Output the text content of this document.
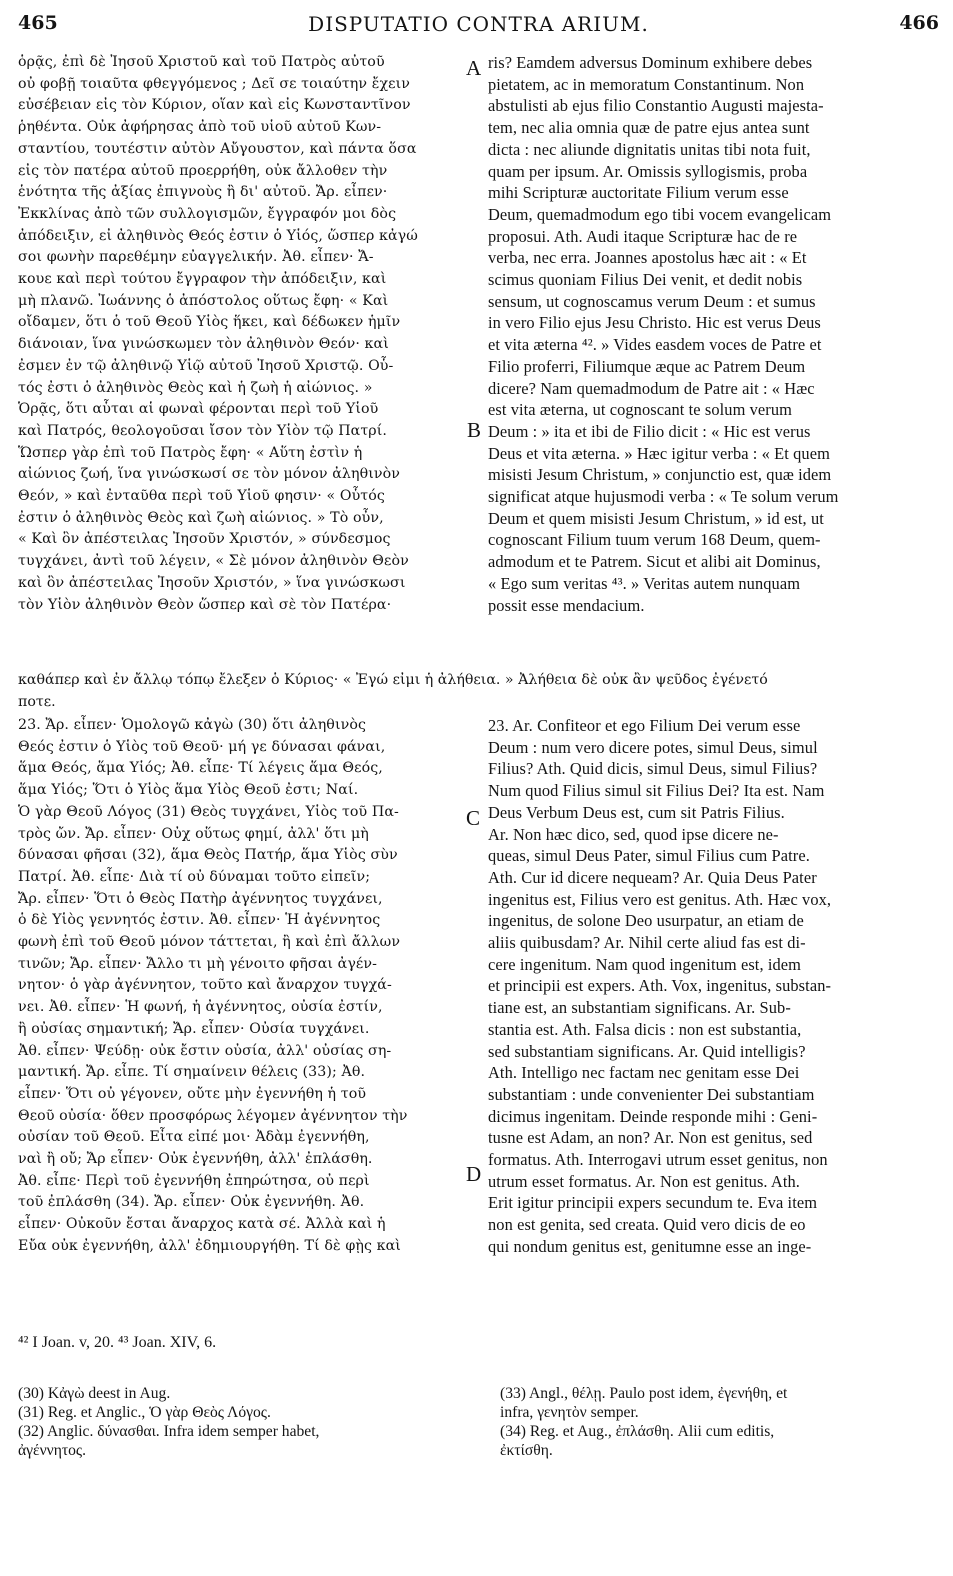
465	DISPUTATIO CONTRA ARIUM.	466
ὁρᾷς, ἐπὶ δὲ Ἰησοῦ Χριστοῦ καὶ τοῦ Πατρὸς αὐτοῦ
οὐ φοβῇ τοιαῦτα φθεγγόμενος ; Δεῖ σε τοιαύτην ἔχειν
εὐσέβειαν εἰς τὸν Κύριον, οἵαν καὶ εἰς Κωνσταντῖνον
ῥηθέντα. Οὐκ ἀφήρησας ἀπὸ τοῦ υἱοῦ αὐτοῦ Κων-
σταντίου, τουτέστιν αὐτὸν Αὔγουστον, καὶ πάντα ὅσα
εἰς τὸν πατέρα αὐτοῦ προερρήθη, οὐκ ἄλλοθεν τὴν
ἑνότητα τῆς ἀξίας ἐπιγνοὺς ἢ δι' αὐτοῦ. Ἄρ. εἶπεν·
Ἐκκλίνας ἀπὸ τῶν συλλογισμῶν, ἔγγραφόν μοι δὸς
ἀπόδειξιν, εἰ ἀληθινὸς Θεός ἐστιν ὁ Υἱός, ὥσπερ κἀγώ
σοι φωνὴν παρεθέμην εὐαγγελικήν. Ἀθ. εἶπεν· Ἄ-
κουε καὶ περὶ τούτου ἔγγραφον τὴν ἀπόδειξιν, καὶ
μὴ πλανῶ. Ἰωάννης ὁ ἀπόστολος οὕτως ἔφη· « Καὶ
οἴδαμεν, ὅτι ὁ τοῦ Θεοῦ Υἱὸς ἥκει, καὶ δέδωκεν ἡμῖν
διάνοιαν, ἵνα γινώσκωμεν τὸν ἀληθινὸν Θεόν· καὶ
ἐσμεν ἐν τῷ ἀληθινῷ Υἱῷ αὐτοῦ Ἰησοῦ Χριστῷ. Οὗ-
τός ἐστι ὁ ἀληθινὸς Θεὸς καὶ ἡ ζωὴ ἡ αἰώνιος. »
Ὁρᾷς, ὅτι αὗται αἱ φωναὶ φέρονται περὶ τοῦ Υἱοῦ
καὶ Πατρός, θεολογοῦσαι ἴσον τὸν Υἱὸν τῷ Πατρί.
Ὥσπερ γὰρ ἐπὶ τοῦ Πατρὸς ἔφη· « Αὕτη ἐστὶν ἡ
αἰώνιος ζωή, ἵνα γινώσκωσί σε τὸν μόνον ἀληθινὸν
Θεόν, » καὶ ἐνταῦθα περὶ τοῦ Υἱοῦ φησιν· « Οὗτός
ἐστιν ὁ ἀληθινὸς Θεὸς καὶ ζωὴ αἰώνιος. » Τὸ οὖν,
« Καὶ ὃν ἀπέστειλας Ἰησοῦν Χριστόν, » σύνδεσμος
τυγχάνει, ἀντὶ τοῦ λέγειν, « Σὲ μόνον ἀληθινὸν Θεὸν
καὶ ὃν ἀπέστειλας Ἰησοῦν Χριστόν, » ἵνα γινώσκωσι
τὸν Υἱὸν ἀληθινὸν Θεὸν ὥσπερ καὶ σὲ τὸν Πατέρα·
ris? Eamdem adversus Dominum exhibere debes
pietatem, ac in memoratum Constantinum. Non
abstulisti ab ejus filio Constantio Augusti majesta-
tem, nec alia omnia quæ de patre ejus antea sunt
dicta : nec aliunde dignitatis unitas tibi nota fuit,
quam per ipsum. Ar. Omissis syllogismis, proba
mihi Scripturæ auctoritate Filium verum esse
Deum, quemadmodum ego tibi vocem evangelicam
proposui. Ath. Audi itaque Scripturæ hac de re
verba, nec erra. Joannes apostolus hæc ait : « Et
scimus quoniam Filius Dei venit, et dedit nobis
sensum, ut cognoscamus verum Deum : et sumus
in vero Filio ejus Jesu Christo. Hic est verus Deus
et vita æterna ⁴². » Vides easdem voces de Patre et
Filio proferri, Filiumque æque ac Patrem Deum
dicere? Nam quemadmodum de Patre ait : « Hæc
est vita æterna, ut cognoscant te solum verum
Deum : » ita et ibi de Filio dicit : « Hic est verus
Deus et vita æterna. » Hæc igitur verba : « Et quem
misisti Jesum Christum, » conjunctio est, quæ idem
significat atque hujusmodi verba : « Te solum verum
Deum et quem misisti Jesum Christum, » id est, ut
cognoscant Filium tuum verum 168 Deum, quem-
admodum et te Patrem. Sicut et alibi ait Dominus,
« Ego sum veritas ⁴³. » Veritas autem nunquam
possit esse mendacium.
καθάπερ καὶ ἐν ἄλλῳ τόπῳ ἔλεξεν ὁ Κύριος· « Ἐγώ εἰμι ἡ ἀλήθεια. » Ἀλήθεια δὲ οὐκ ἂν ψεῦδος ἐγένετό
ποτε.
23. Ἄρ. εἶπεν· Ὁμολογῶ κἀγὼ (30) ὅτι ἀληθινὸς
Θεός ἐστιν ὁ Υἱὸς τοῦ Θεοῦ· μή γε δύνασαι φάναι,
ἅμα Θεός, ἅμα Υἱός; Ἀθ. εἶπε· Τί λέγεις ἅμα Θεός,
ἅμα Υἱός; Ὅτι ὁ Υἱὸς ἅμα Υἱὸς Θεοῦ ἐστι; Ναί.
Ὁ γὰρ Θεοῦ Λόγος (31) Θεὸς τυγχάνει, Υἱὸς τοῦ Πα-
τρὸς ὤν. Ἄρ. εἶπεν· Οὐχ οὕτως φημί, ἀλλ' ὅτι μὴ
δύνασαι φῆσαι (32), ἅμα Θεὸς Πατήρ, ἅμα Υἱὸς σὺν
Πατρί. Ἀθ. εἶπε· Διὰ τί οὐ δύναμαι τοῦτο εἰπεῖν;
Ἄρ. εἶπεν· Ὅτι ὁ Θεὸς Πατὴρ ἀγέννητος τυγχάνει,
ὁ δὲ Υἱὸς γεννητός ἐστιν. Ἀθ. εἶπεν· Ἡ ἀγέννητος
φωνὴ ἐπὶ τοῦ Θεοῦ μόνον τάττεται, ἢ καὶ ἐπὶ ἄλλων
τινῶν; Ἄρ. εἶπεν· Ἄλλο τι μὴ γένοιτο φῆσαι ἀγέν-
νητον· ὁ γὰρ ἀγέννητον, τοῦτο καὶ ἄναρχον τυγχά-
νει. Ἀθ. εἶπεν· Ἡ φωνή, ἡ ἀγέννητος, οὐσία ἐστίν,
ἢ οὐσίας σημαντική; Ἄρ. εἶπεν· Οὐσία τυγχάνει.
Ἀθ. εἶπεν· Ψεύδῃ· οὐκ ἔστιν οὐσία, ἀλλ' οὐσίας ση-
μαντική. Ἄρ. εἶπε. Τί σημαίνειν θέλεις (33); Ἀθ.
εἶπεν· Ὅτι οὐ γέγονεν, οὔτε μὴν ἐγεννήθη ἡ τοῦ
Θεοῦ οὐσία· ὅθεν προσφόρως λέγομεν ἀγέννητον τὴν
οὐσίαν τοῦ Θεοῦ. Εἶτα εἰπέ μοι· Ἀδὰμ ἐγεννήθη,
ναὶ ἢ οὔ; Ἄρ εἶπεν· Οὐκ ἐγεννήθη, ἀλλ' ἐπλάσθη.
Ἀθ. εἶπε· Περὶ τοῦ ἐγεννήθη ἐπηρώτησα, οὐ περὶ
τοῦ ἐπλάσθη (34). Ἄρ. εἶπεν· Οὐκ ἐγεννήθη. Ἀθ.
εἶπεν· Οὐκοῦν ἔσται ἄναρχος κατὰ σέ. Ἀλλὰ καὶ ἡ
Εὔα οὐκ ἐγεννήθη, ἀλλ' ἐδημιουργήθη. Τί δὲ φῂς καὶ
23. Ar. Confiteor et ego Filium Dei verum esse
Deum : num vero dicere potes, simul Deus, simul
Filius? Ath. Quid dicis, simul Deus, simul Filius?
Num quod Filius simul sit Filius Dei? Ita est. Nam
Deus Verbum Deus est, cum sit Patris Filius.
Ar. Non hæc dico, sed, quod ipse dicere ne-
queas, simul Deus Pater, simul Filius cum Patre.
Ath. Cur id dicere nequeam? Ar. Quia Deus Pater
ingenitus est, Filius vero est genitus. Ath. Hæc vox,
ingenitus, de solone Deo usurpatur, an etiam de
aliis quibusdam? Ar. Nihil certe aliud fas est di-
cere ingenitum. Nam quod ingenitum est, idem
et principii est expers. Ath. Vox, ingenitus, substan-
tiane est, an substantiam significans. Ar. Sub-
stantia est. Ath. Falsa dicis : non est substantia,
sed substantiam significans. Ar. Quid intelligis?
Ath. Intelligo nec factam nec genitam esse Dei
substantiam : unde convenienter Dei substantiam
dicimus ingenitam. Deinde responde mihi : Geni-
tusne est Adam, an non? Ar. Non est genitus, sed
formatus. Ath. Interrogavi utrum esset genitus, non
utrum esset formatus. Ar. Non est genitus. Ath.
Erit igitur principii expers secundum te. Eva item
non est genita, sed creata. Quid vero dicis de eo
qui nondum genitus est, genitumne esse an inge-
A
B
C
D
⁴² I Joan. v, 20. ⁴³ Joan. XIV, 6.
(30) Κἀγὼ deest in Aug.
(31) Reg. et Anglic., Ὁ γὰρ Θεὸς Λόγος.
(32) Anglic. δύνασθαι. Infra idem semper habet,
ἀγέννητος.
(33) Angl., θέλῃ. Paulo post idem, ἐγενήθη, et
infra, γενητὸν semper.
(34) Reg. et Aug., ἐπλάσθη. Alii cum editis,
ἐκτίσθη.
